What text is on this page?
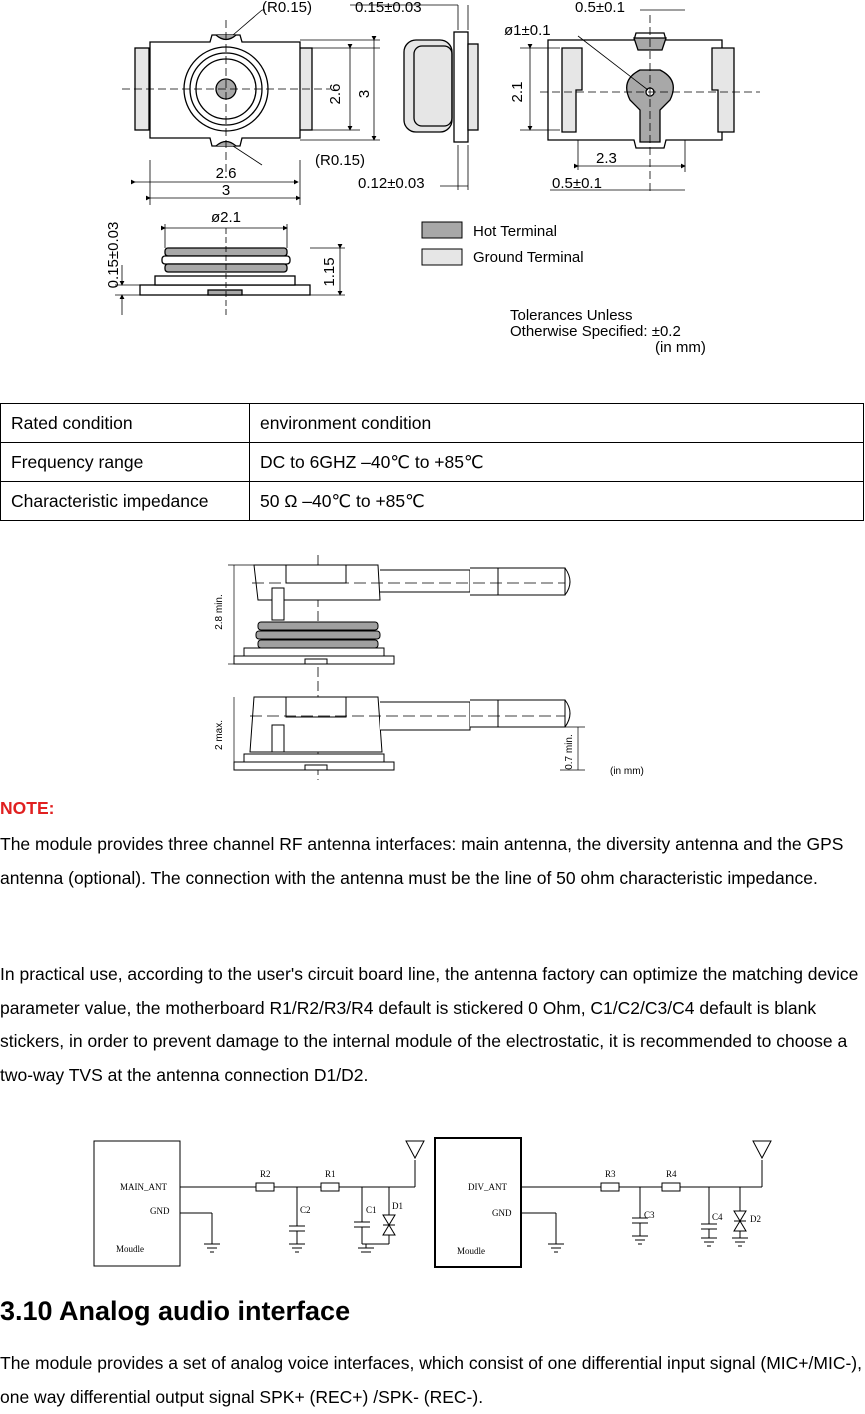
(R0.15)
(R0.15)
2.6 3
2.6
3
0.15±0.03
0.12±0.03
ø1±0.1
0.5±0.1
2.1
2.3
0.5±0.1
ø2.1
0.15±0.03	1.15
Hot Terminal
Ground Terminal
Tolerances Unless
Otherwise Specified: ±0.2
(in mm)
Rated condition	environment condition
Frequency range	DC to 6GHZ –40℃ to +85℃
Characteristic impedance	50 Ω –40℃ to +85℃
2.8 min.
2 max.	0.7 min.
(in mm)
NOTE:

The module provides three channel RF antenna interfaces: main antenna, the diversity antenna and the GPS antenna (optional). The connection with the antenna must be the line of 50 ohm characteristic impedance.

In practical use, according to the user's circuit board line, the antenna factory can optimize the matching device parameter value, the motherboard R1/R2/R3/R4 default is stickered 0 Ohm, C1/C2/C3/C4 default is blank stickers, in order to prevent damage to the internal module of the electrostatic, it is recommended to choose a two-way TVS at the antenna connection D1/D2.

MAIN_ANT
GND
Moudle
R2	R1
C2	C1 D1
DIV_ANT
GND
Moudle
R3	R4
C3	C4	D2
3.10 Analog audio interface

The module provides a set of analog voice interfaces, which consist of one differential input signal (MIC+/MIC-), one way differential output signal SPK+ (REC+) /SPK- (REC-).
